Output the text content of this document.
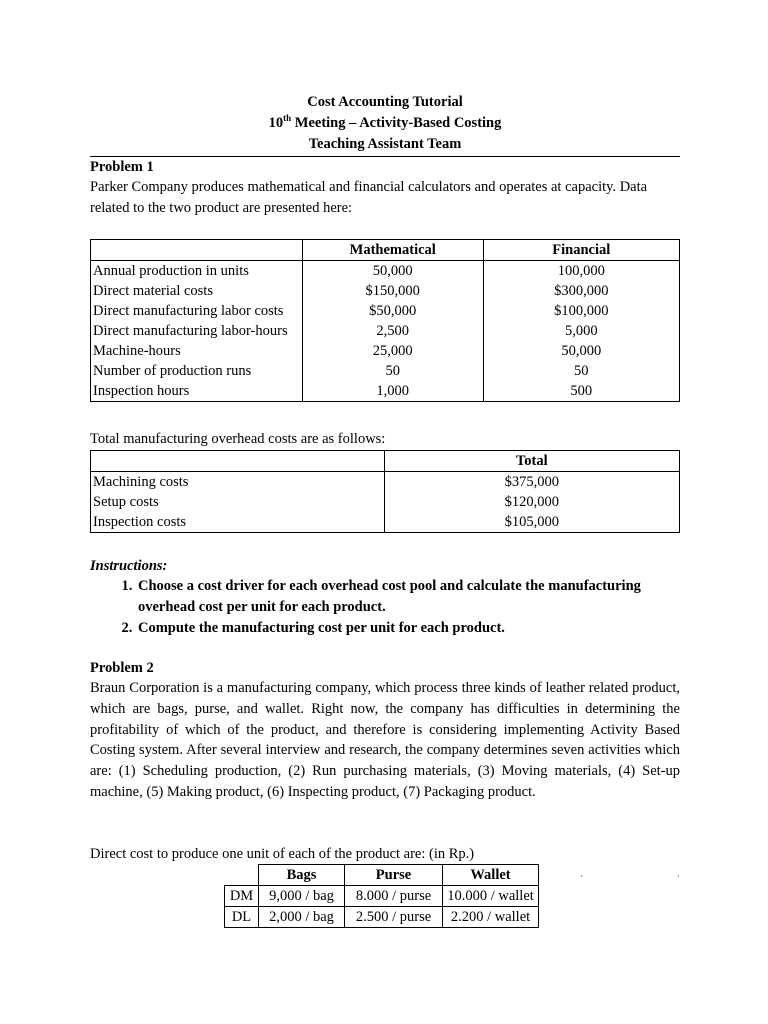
Cost Accounting Tutorial
10th Meeting – Activity-Based Costing
Teaching Assistant Team
Problem 1
Parker Company produces mathematical and financial calculators and operates at capacity. Data related to the two product are presented here:
	Mathematical	Financial
Annual production in units	50,000	100,000
Direct material costs	$150,000	$300,000
Direct manufacturing labor costs	$50,000	$100,000
Direct manufacturing labor-hours	2,500	5,000
Machine-hours	25,000	50,000
Number of production runs	50	50
Inspection hours	1,000	500
Total manufacturing overhead costs are as follows:
	Total
Machining costs	$375,000
Setup costs	$120,000
Inspection costs	$105,000
Instructions:
1. Choose a cost driver for each overhead cost pool and calculate the manufacturing overhead cost per unit for each product.
2. Compute the manufacturing cost per unit for each product.
Problem 2
Braun Corporation is a manufacturing company, which process three kinds of leather related product, which are bags, purse, and wallet. Right now, the company has difficulties in determining the profitability of which of the product, and therefore is considering implementing Activity Based Costing system. After several interview and research, the company determines seven activities which are: (1) Scheduling production, (2) Run purchasing materials, (3) Moving materials, (4) Set-up machine, (5) Making product, (6) Inspecting product, (7) Packaging product.
Direct cost to produce one unit of each of the product are: (in Rp.)
	Bags	Purse	Wallet
DM	9,000 / bag	8.000 / purse	10.000 / wallet
DL	2,000 / bag	2.500 / purse	2.200 / wallet
·	·
